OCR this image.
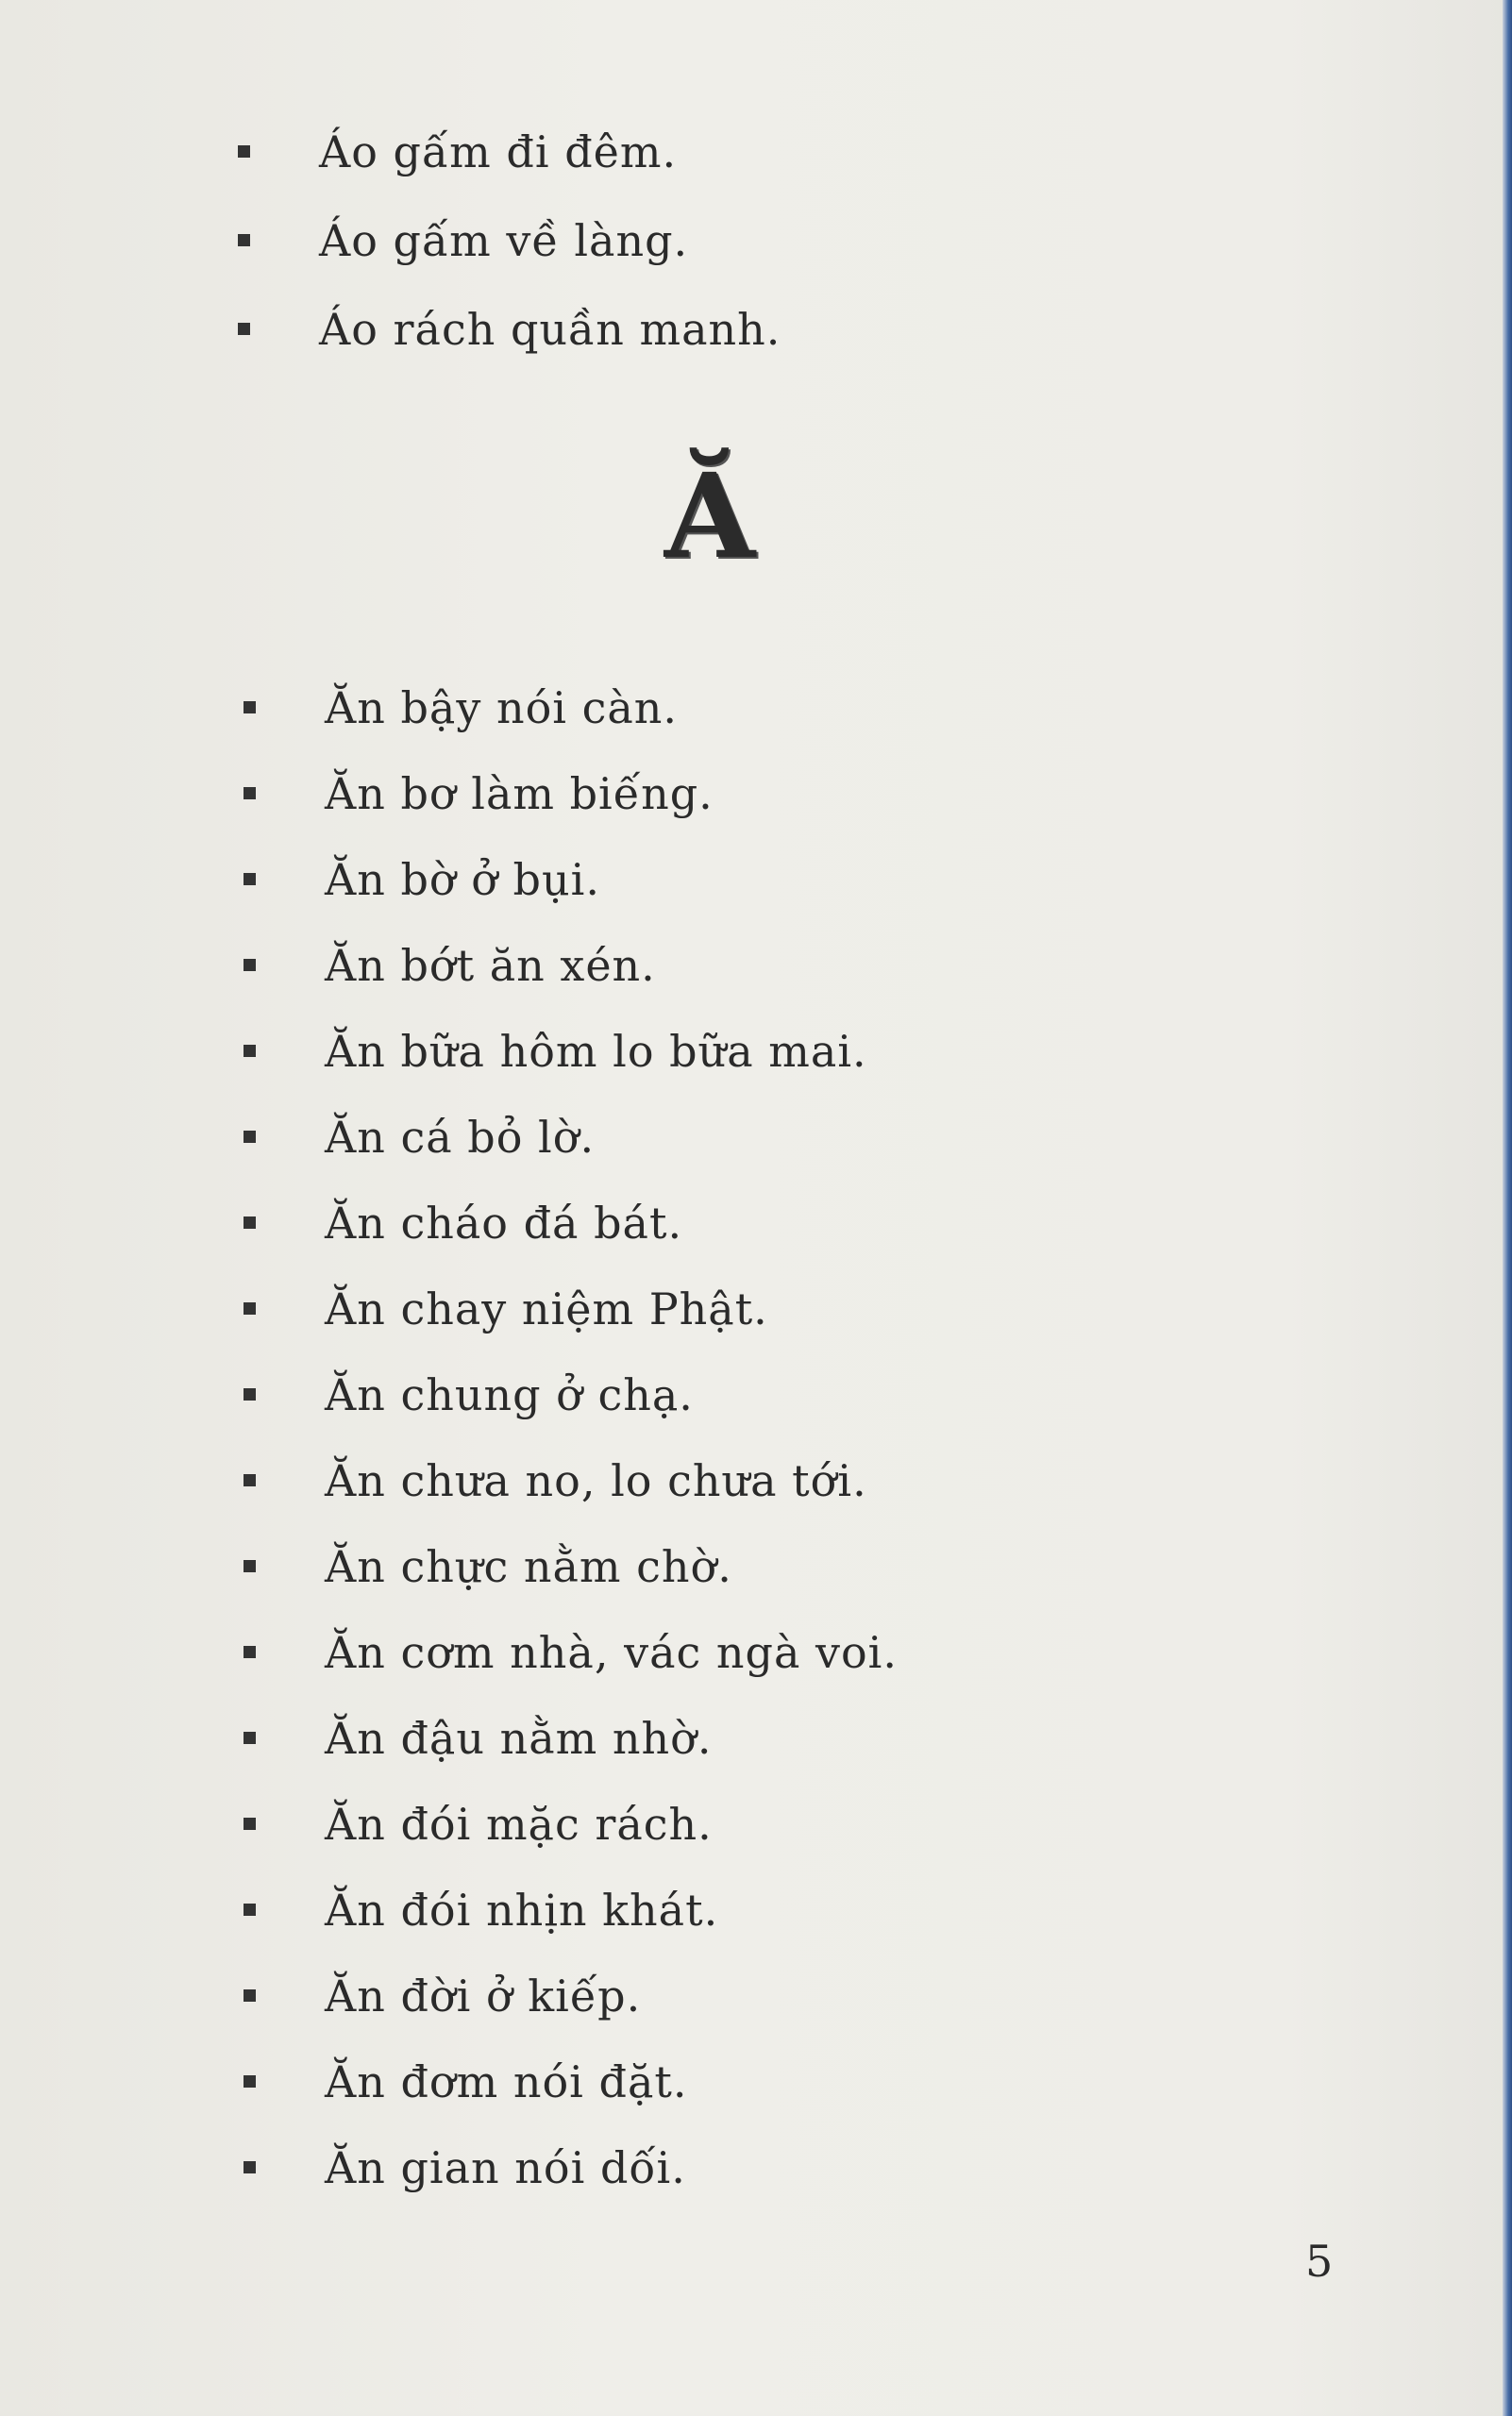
Áo gấm đi đêm.
Áo gấm về làng.
Áo rách quần manh.
Ă
Ăn bậy nói càn.
Ăn bơ làm biếng.
Ăn bờ ở bụi.
Ăn bớt ăn xén.
Ăn bữa hôm lo bữa mai.
Ăn cá bỏ lờ.
Ăn cháo đá bát.
Ăn chay niệm Phật.
Ăn chung ở chạ.
Ăn chưa no, lo chưa tới.
Ăn chực nằm chờ.
Ăn cơm nhà, vác ngà voi.
Ăn đậu nằm nhờ.
Ăn đói mặc rách.
Ăn đói nhịn khát.
Ăn đời ở kiếp.
Ăn đơm nói đặt.
Ăn gian nói dối.
5
